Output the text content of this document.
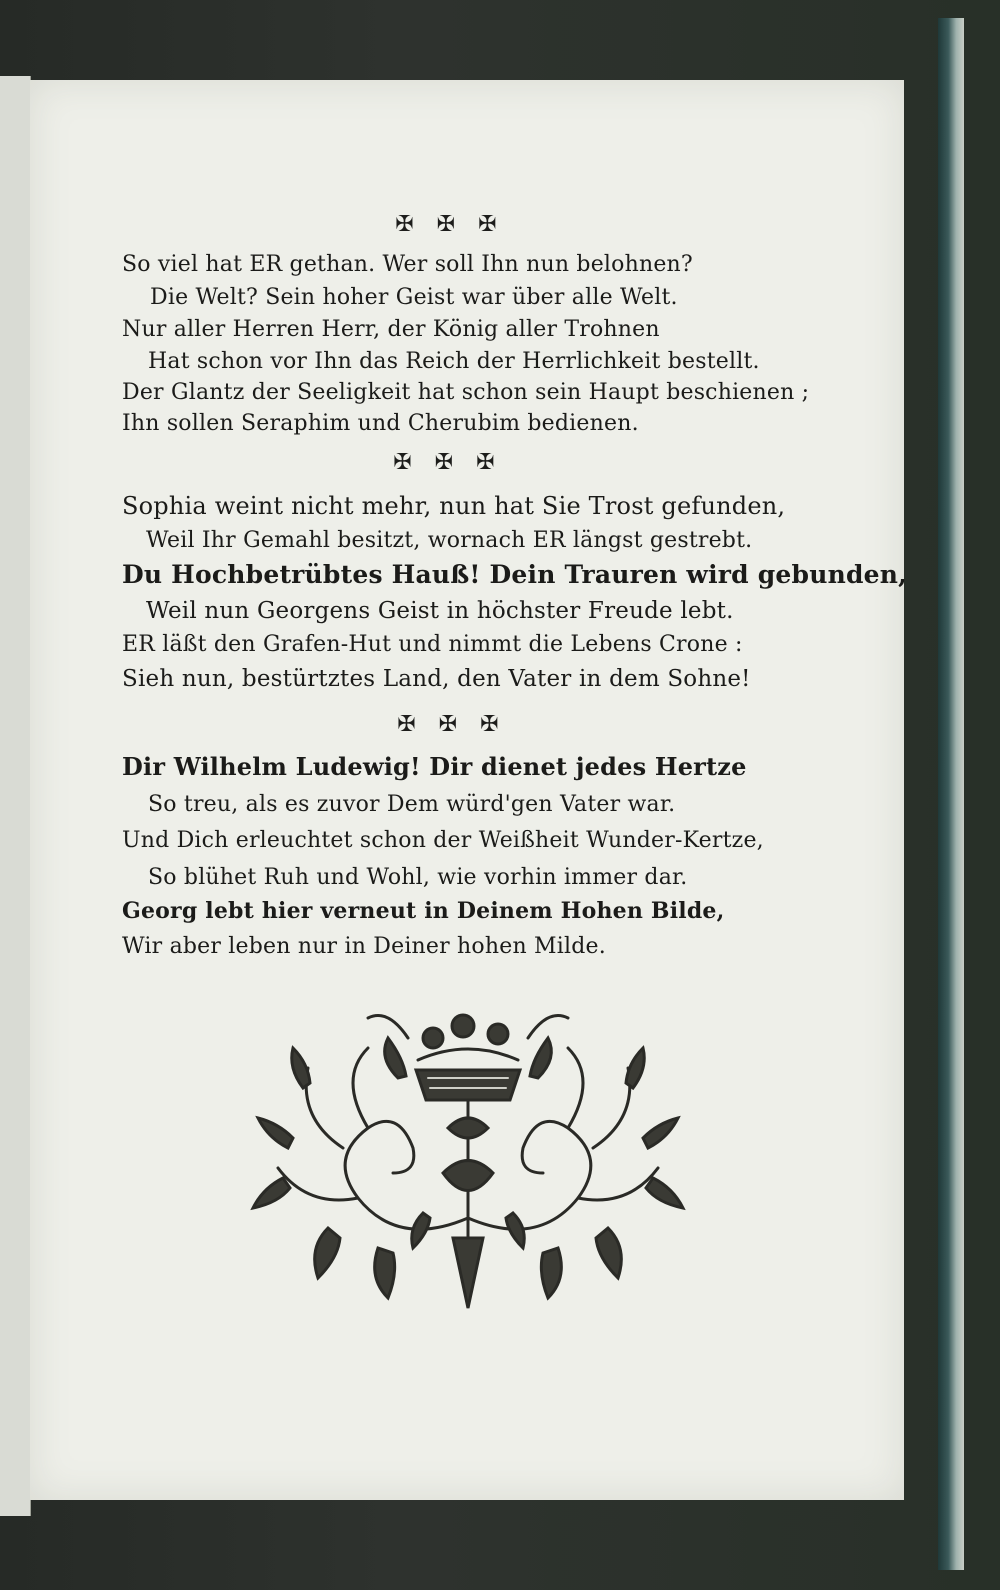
✠ ✠ ✠
So viel hat ER gethan. Wer soll Ihn nun belohnen?
Die Welt? Sein hoher Geist war über alle Welt.
Nur aller Herren Herr, der König aller Trohnen
Hat schon vor Ihn das Reich der Herrlichkeit bestellt.
Der Glantz der Seeligkeit hat schon sein Haupt beschienen ;
Ihn sollen Seraphim und Cherubim bedienen.
✠ ✠ ✠
Sophia weint nicht mehr, nun hat Sie Trost gefunden,
Weil Ihr Gemahl besitzt, wornach ER längst gestrebt.
Du Hochbetrübtes Hauß! Dein Trauren wird gebunden,
Weil nun Georgens Geist in höchster Freude lebt.
ER läßt den Grafen-Hut und nimmt die Lebens Crone :
Sieh nun, bestürtztes Land, den Vater in dem Sohne!
✠ ✠ ✠
Dir Wilhelm Ludewig! Dir dienet jedes Hertze
So treu, als es zuvor Dem würd'gen Vater war.
Und Dich erleuchtet schon der Weißheit Wunder-Kertze,
So blühet Ruh und Wohl, wie vorhin immer dar.
Georg lebt hier verneut in Deinem Hohen Bilde,
Wir aber leben nur in Deiner hohen Milde.
